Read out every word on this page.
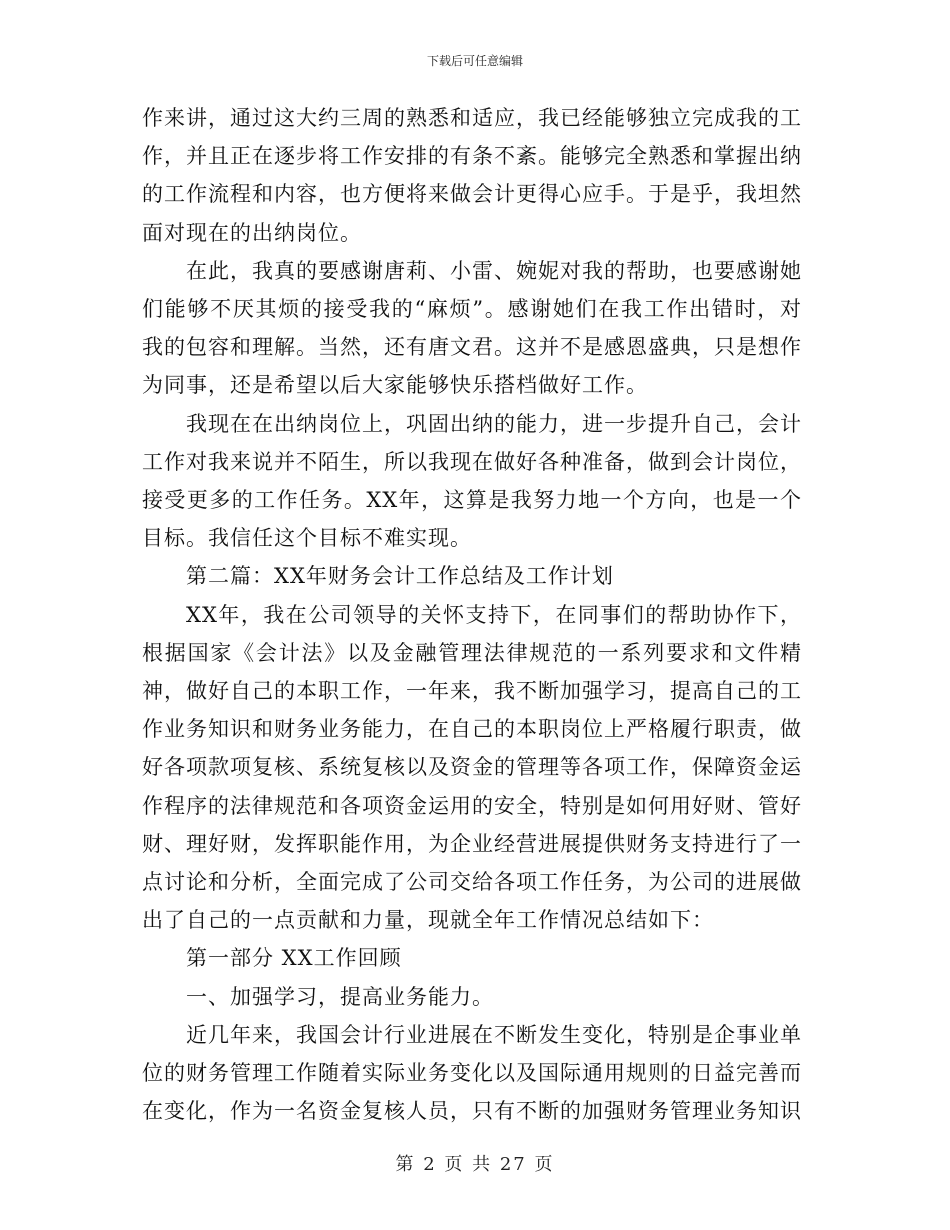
下载后可任意编辑

作来讲，通过这大约三周的熟悉和适应，我已经能够独立完成我的工作，并且正在逐步将工作安排的有条不紊。能够完全熟悉和掌握出纳的工作流程和内容，也方便将来做会计更得心应手。于是乎，我坦然面对现在的出纳岗位。

在此，我真的要感谢唐莉、小雷、婉妮对我的帮助，也要感谢她们能够不厌其烦的接受我的“麻烦”。感谢她们在我工作出错时，对我的包容和理解。当然，还有唐文君。这并不是感恩盛典，只是想作为同事，还是希望以后大家能够快乐搭档做好工作。

我现在在出纳岗位上，巩固出纳的能力，进一步提升自己，会计工作对我来说并不陌生，所以我现在做好各种准备，做到会计岗位，接受更多的工作任务。XX年，这算是我努力地一个方向，也是一个目标。我信任这个目标不难实现。

第二篇：XX年财务会计工作总结及工作计划

XX年，我在公司领导的关怀支持下，在同事们的帮助协作下，根据国家《会计法》以及金融管理法律规范的一系列要求和文件精神，做好自己的本职工作，一年来，我不断加强学习，提高自己的工作业务知识和财务业务能力，在自己的本职岗位上严格履行职责，做好各项款项复核、系统复核以及资金的管理等各项工作，保障资金运作程序的法律规范和各项资金运用的安全，特别是如何用好财、管好财、理好财，发挥职能作用，为企业经营进展提供财务支持进行了一点讨论和分析，全面完成了公司交给各项工作任务，为公司的进展做出了自己的一点贡献和力量，现就全年工作情况总结如下：

第一部分 XX工作回顾

一、加强学习，提高业务能力。

近几年来，我国会计行业进展在不断发生变化，特别是企事业单位的财务管理工作随着实际业务变化以及国际通用规则的日益完善而在变化，作为一名资金复核人员，只有不断的加强财务管理业务知识

第 2 页 共 27 页
